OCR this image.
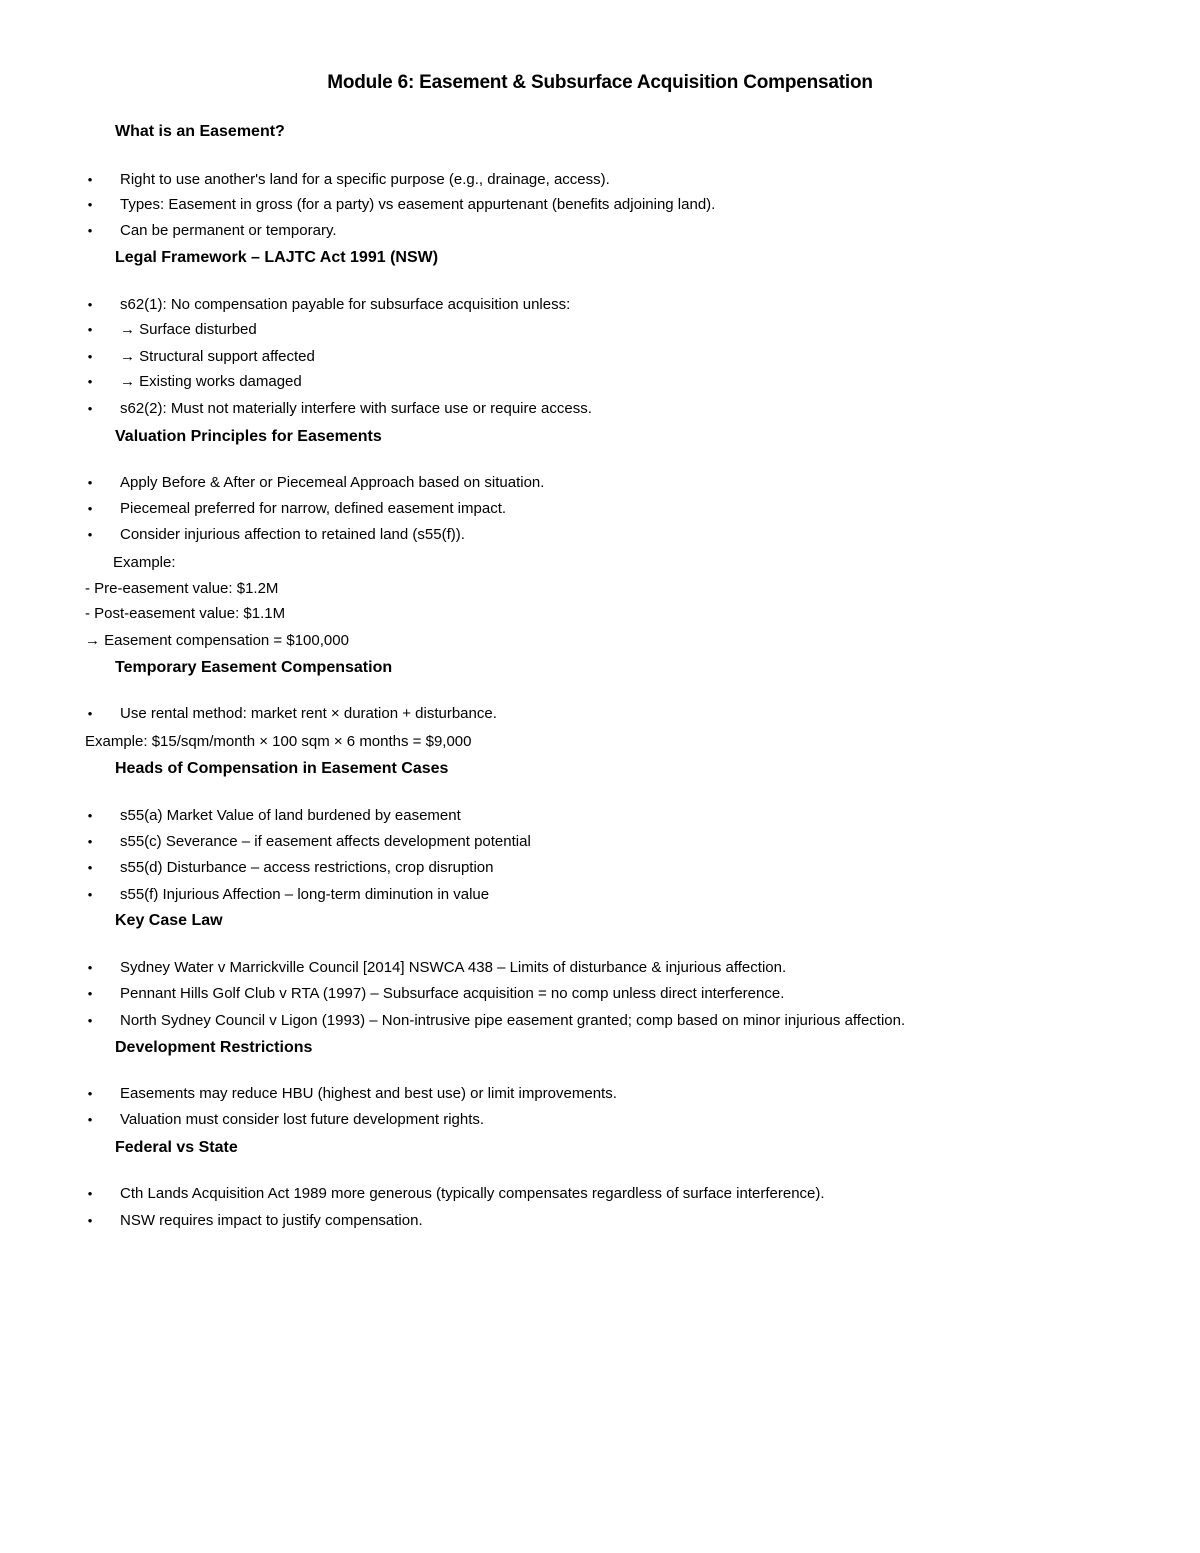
Module 6: Easement & Subsurface Acquisition Compensation
What is an Easement?
• Right to use another's land for a specific purpose (e.g., drainage, access).
• Types: Easement in gross (for a party) vs easement appurtenant (benefits adjoining land).
• Can be permanent or temporary.
Legal Framework – LAJTC Act 1991 (NSW)
• s62(1): No compensation payable for subsurface acquisition unless:
• → Surface disturbed
• → Structural support affected
• → Existing works damaged
• s62(2): Must not materially interfere with surface use or require access.
Valuation Principles for Easements
• Apply Before & After or Piecemeal Approach based on situation.
• Piecemeal preferred for narrow, defined easement impact.
• Consider injurious affection to retained land (s55(f)).
Example:
- Pre-easement value: $1.2M
- Post-easement value: $1.1M
→ Easement compensation = $100,000
Temporary Easement Compensation
• Use rental method: market rent × duration + disturbance.
Example: $15/sqm/month × 100 sqm × 6 months = $9,000
Heads of Compensation in Easement Cases
• s55(a) Market Value of land burdened by easement
• s55(c) Severance – if easement affects development potential
• s55(d) Disturbance – access restrictions, crop disruption
• s55(f) Injurious Affection – long-term diminution in value
Key Case Law
• Sydney Water v Marrickville Council [2014] NSWCA 438 – Limits of disturbance & injurious affection.
• Pennant Hills Golf Club v RTA (1997) – Subsurface acquisition = no comp unless direct interference.
• North Sydney Council v Ligon (1993) – Non-intrusive pipe easement granted; comp based on minor injurious affection.
Development Restrictions
• Easements may reduce HBU (highest and best use) or limit improvements.
• Valuation must consider lost future development rights.
Federal vs State
• Cth Lands Acquisition Act 1989 more generous (typically compensates regardless of surface interference).
• NSW requires impact to justify compensation.
